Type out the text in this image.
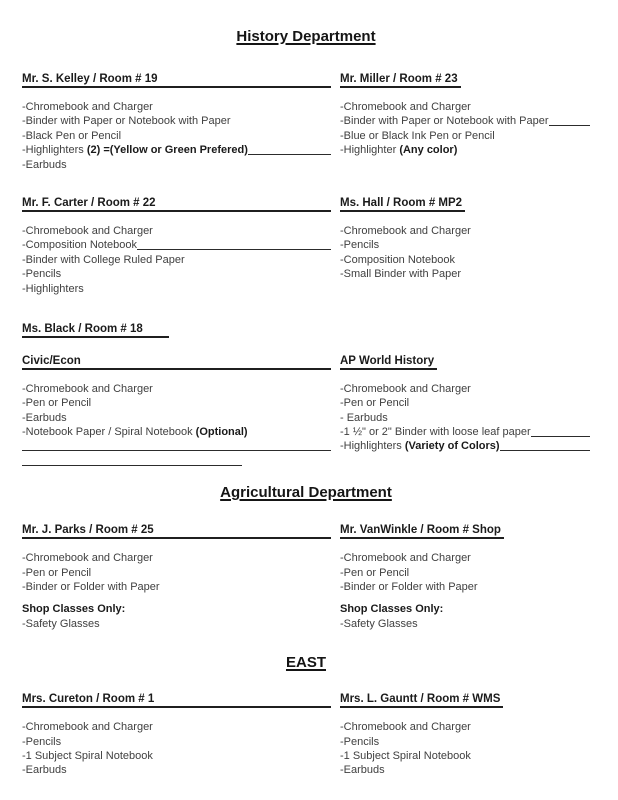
History Department
Mr. S. Kelley / Room # 19
-Chromebook and Charger
-Binder with Paper or Notebook with Paper
-Black Pen or Pencil
-Highlighters (2) =(Yellow or Green Prefered)
-Earbuds
Mr. Miller / Room # 23
-Chromebook and Charger
-Binder with Paper or Notebook with Paper
-Blue or Black Ink Pen or Pencil
-Highlighter (Any color)
Mr. F. Carter / Room # 22
-Chromebook and Charger
-Composition Notebook
-Binder with College Ruled Paper
-Pencils
-Highlighters
Ms. Hall / Room # MP2
-Chromebook and Charger
-Pencils
-Composition Notebook
-Small Binder with Paper
Ms. Black / Room # 18
Civic/Econ
-Chromebook and Charger
-Pen or Pencil
-Earbuds
-Notebook Paper / Spiral Notebook (Optional)
AP World History
-Chromebook and Charger
-Pen or Pencil
- Earbuds
-1 ½" or 2" Binder with loose leaf paper
-Highlighters (Variety of Colors)
Agricultural Department
Mr. J. Parks / Room # 25
-Chromebook and Charger
-Pen or Pencil
-Binder or Folder with Paper
Shop Classes Only:
-Safety Glasses
Mr. VanWinkle / Room # Shop
-Chromebook and Charger
-Pen or Pencil
-Binder or Folder with Paper
Shop Classes Only:
-Safety Glasses
EAST
Mrs. Cureton / Room # 1
-Chromebook and Charger
-Pencils
-1 Subject Spiral Notebook
-Earbuds
Mrs. L. Gauntt / Room # WMS
-Chromebook and Charger
-Pencils
-1 Subject Spiral Notebook
-Earbuds
